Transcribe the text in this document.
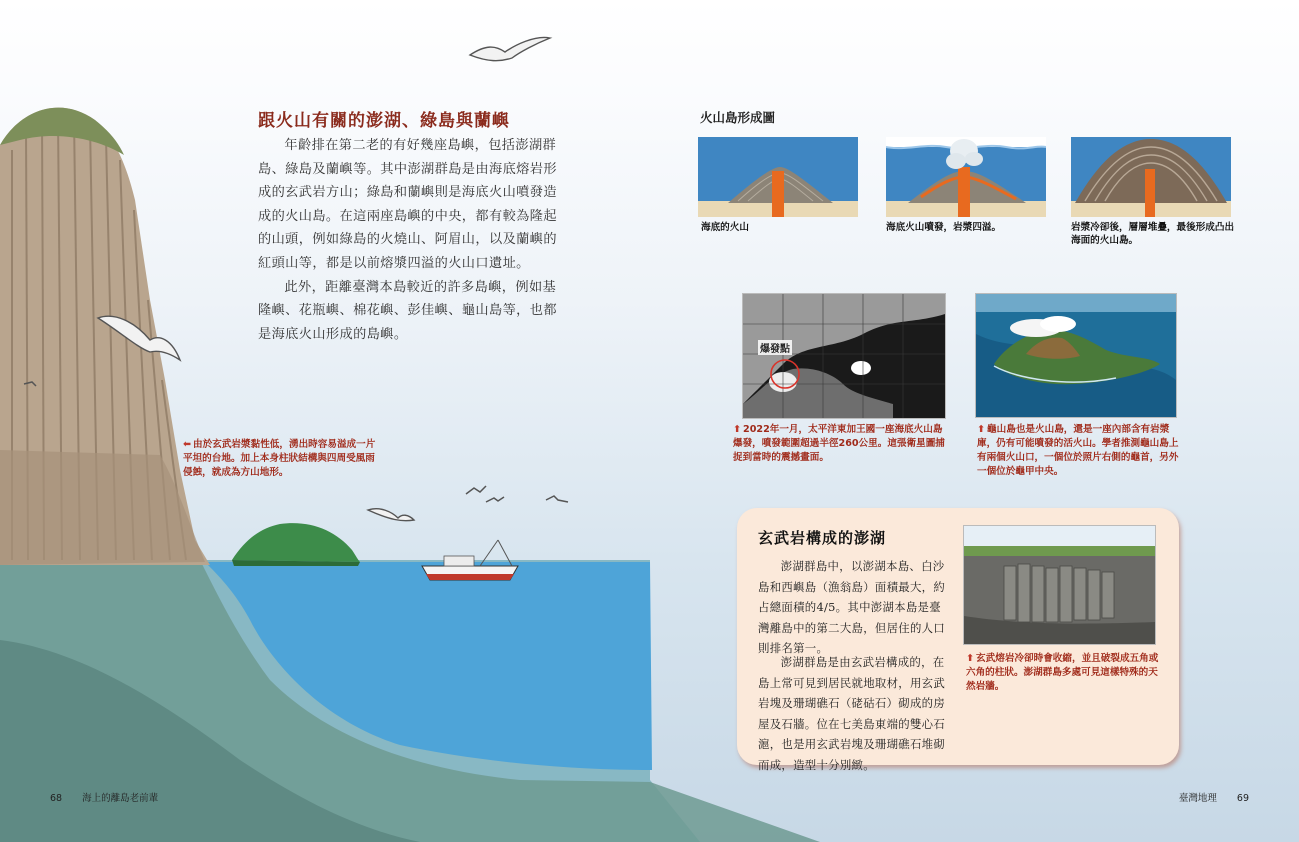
跟火山有關的澎湖、綠島與蘭嶼

年齡排在第二老的有好幾座島嶼，包括澎湖群島、綠島及蘭嶼等。其中澎湖群島是由海底熔岩形成的玄武岩方山；綠島和蘭嶼則是海底火山噴發造成的火山島。在這兩座島嶼的中央，都有較為隆起的山頭，例如綠島的火燒山、阿眉山，以及蘭嶼的紅頭山等，都是以前熔漿四溢的火山口遺址。

此外，距離臺灣本島較近的許多島嶼，例如基隆嶼、花瓶嶼、棉花嶼、彭佳嶼、龜山島等，也都是海底火山形成的島嶼。

⬅ 由於玄武岩漿黏性低，湧出時容易溢成一片平坦的台地。加上本身柱狀結構與四周受風雨侵蝕，就成為方山地形。
火山島形成圖
海底的火山	海底火山噴發，岩漿四溢。	岩漿冷卻後，層層堆疊，最後形成凸出海面的火山島。
爆發點
⬆ 2022年一月，太平洋東加王國一座海底火山島爆發，噴發範圍超過半徑260公里。這張衛星圖捕捉到當時的震撼畫面。
⬆ 龜山島也是火山島，還是一座內部含有岩漿庫，仍有可能噴發的活火山。學者推測龜山島上有兩個火山口，一個位於照片右側的龜首，另外一個位於龜甲中央。
玄武岩構成的澎湖

澎湖群島中，以澎湖本島、白沙島和西嶼島（漁翁島）面積最大，約占總面積的4/5。其中澎湖本島是臺灣離島中的第二大島，但居住的人口則排名第一。

澎湖群島是由玄武岩構成的，在島上常可見到居民就地取材，用玄武岩塊及珊瑚礁石（硓𥑮石）砌成的房屋及石牆。位在七美島東端的雙心石滬，也是用玄武岩塊及珊瑚礁石堆砌而成，造型十分別緻。

⬆ 玄武熔岩冷卻時會收縮，並且破裂成五角或六角的柱狀。澎湖群島多處可見這樣特殊的天然岩牆。
68 海上的離島老前輩	臺灣地理 69
